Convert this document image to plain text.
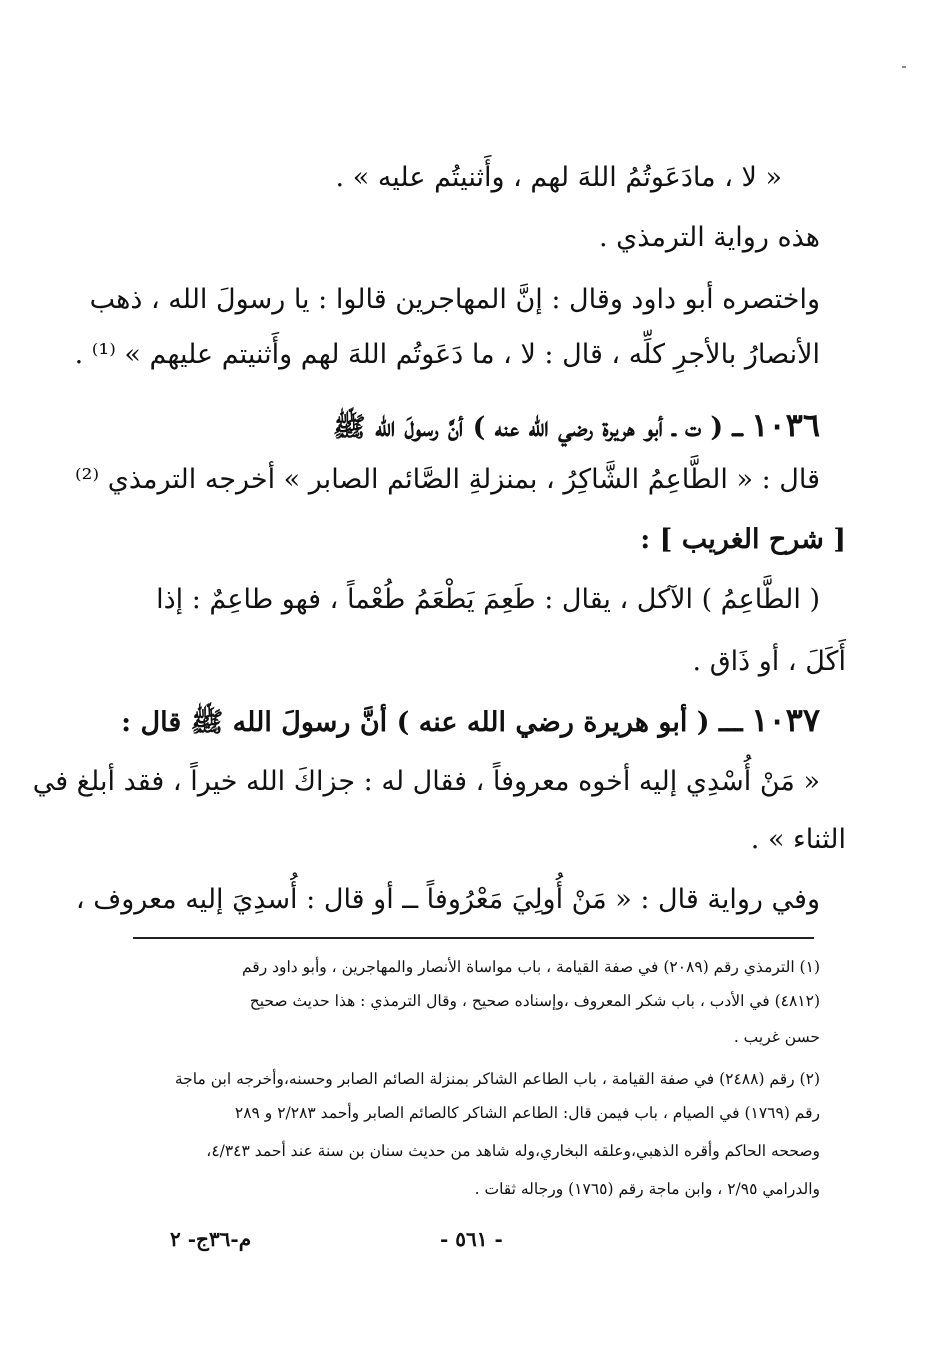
« لا ، مادَعَوتُمُ اللهَ لهم ، وأَثنيتُم عليه » .
هذه رواية الترمذي .
واختصره أبو داود وقال : إنَّ المهاجرين قالوا : يا رسولَ الله ، ذهب
الأنصارُ بالأجرِ كلِّه ، قال : لا ، ما دَعَوتُم اللهَ لهم وأَثنيتم عليهم » ⁽¹⁾ .
١٠٣٦ ـــ ( ت ـ أبو هريرة رضي الله عنه ) أنَّ رسولَ الله ﷺ
قال : « الطَّاعِمُ الشَّاكِرُ ، بمنزلةِ الصَّائم الصابر » أخرجه الترمذي ⁽²⁾
[ شرح الغريب ] :
( الطَّاعِمُ ) الآكل ، يقال : طَعِمَ يَطْعَمُ طُعْماً ، فهو طاعِمٌ : إذا
أَكَلَ ، أو ذَاق .
١٠٣٧ ـــ ( أبو هريرة رضي الله عنه ) أنَّ رسولَ الله ﷺ قال :
« مَنْ أُسْدِي إليه أخوه معروفاً ، فقال له : جزاكَ الله خيراً ، فقد أبلغ في
الثناء » .
وفي رواية قال : « مَنْ أُولِيَ مَعْرُوفاً ــ أو قال : أُسدِيَ إليه معروف ،
(١) الترمذي رقم (٢٠٨٩) في صفة القيامة ، باب مواساة الأنصار والمهاجرين ، وأبو داود رقم
(٤٨١٢) في الأدب ، باب شكر المعروف ،وإسناده صحيح ، وقال الترمذي : هذا حديث صحيح
حسن غريب .
(٢) رقم (٢٤٨٨) في صفة القيامة ، باب الطاعم الشاكر بمنزلة الصائم الصابر وحسنه،وأخرجه ابن ماجة
رقم (١٧٦٩) في الصيام ، باب فيمن قال: الطاعم الشاكر كالصائم الصابر وأحمد ٢/٢٨٣ و ٢٨٩
وصححه الحاكم وأقره الذهبي،وعلقه البخاري،وله شاهد من حديث سنان بن سنة عند أحمد ٤/٣٤٣،
والدرامي ٢/٩٥ ، وابن ماجة رقم (١٧٦٥) ورجاله ثقات .
- ٥٦١ -
م-٣٦ج- ٢
